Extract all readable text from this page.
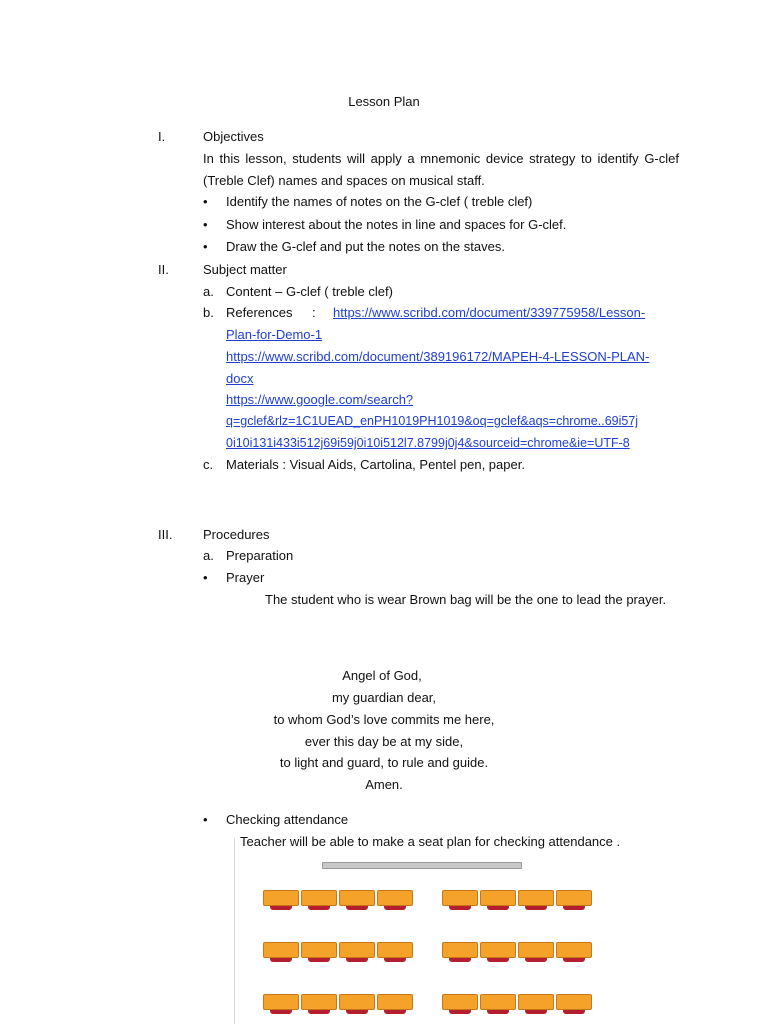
Lesson Plan
I.	Objectives
In this lesson, students will apply a mnemonic device strategy to identify G-clef (Treble Clef) names and spaces on musical staff.
• Identify the names of notes on the G-clef ( treble clef)
• Show interest about the notes in line and spaces for G-clef.
• Draw the G-clef and put the notes on the staves.
II.	Subject matter
a. Content – G-clef ( treble clef)
b. References : https://www.scribd.com/document/339775958/Lesson-
Plan-for-Demo-1
https://www.scribd.com/document/389196172/MAPEH-4-LESSON-PLAN-
docx
https://www.google.com/search?
q=gclef&rlz=1C1UEAD_enPH1019PH1019&oq=gclef&aqs=chrome..69i57j
0i10i131i433i512j69i59j0i10i512l7.8799j0j4&sourceid=chrome&ie=UTF-8
c. Materials : Visual Aids, Cartolina, Pentel pen, paper.
III. Procedures
a. Preparation
• Prayer
The student who is wear Brown bag will be the one to lead the prayer.
Angel of God,
my guardian dear,
to whom God’s love commits me here,
ever this day be at my side,
to light and guard, to rule and guide.
Amen.
• Checking attendance
Teacher will be able to make a seat plan for checking attendance .
